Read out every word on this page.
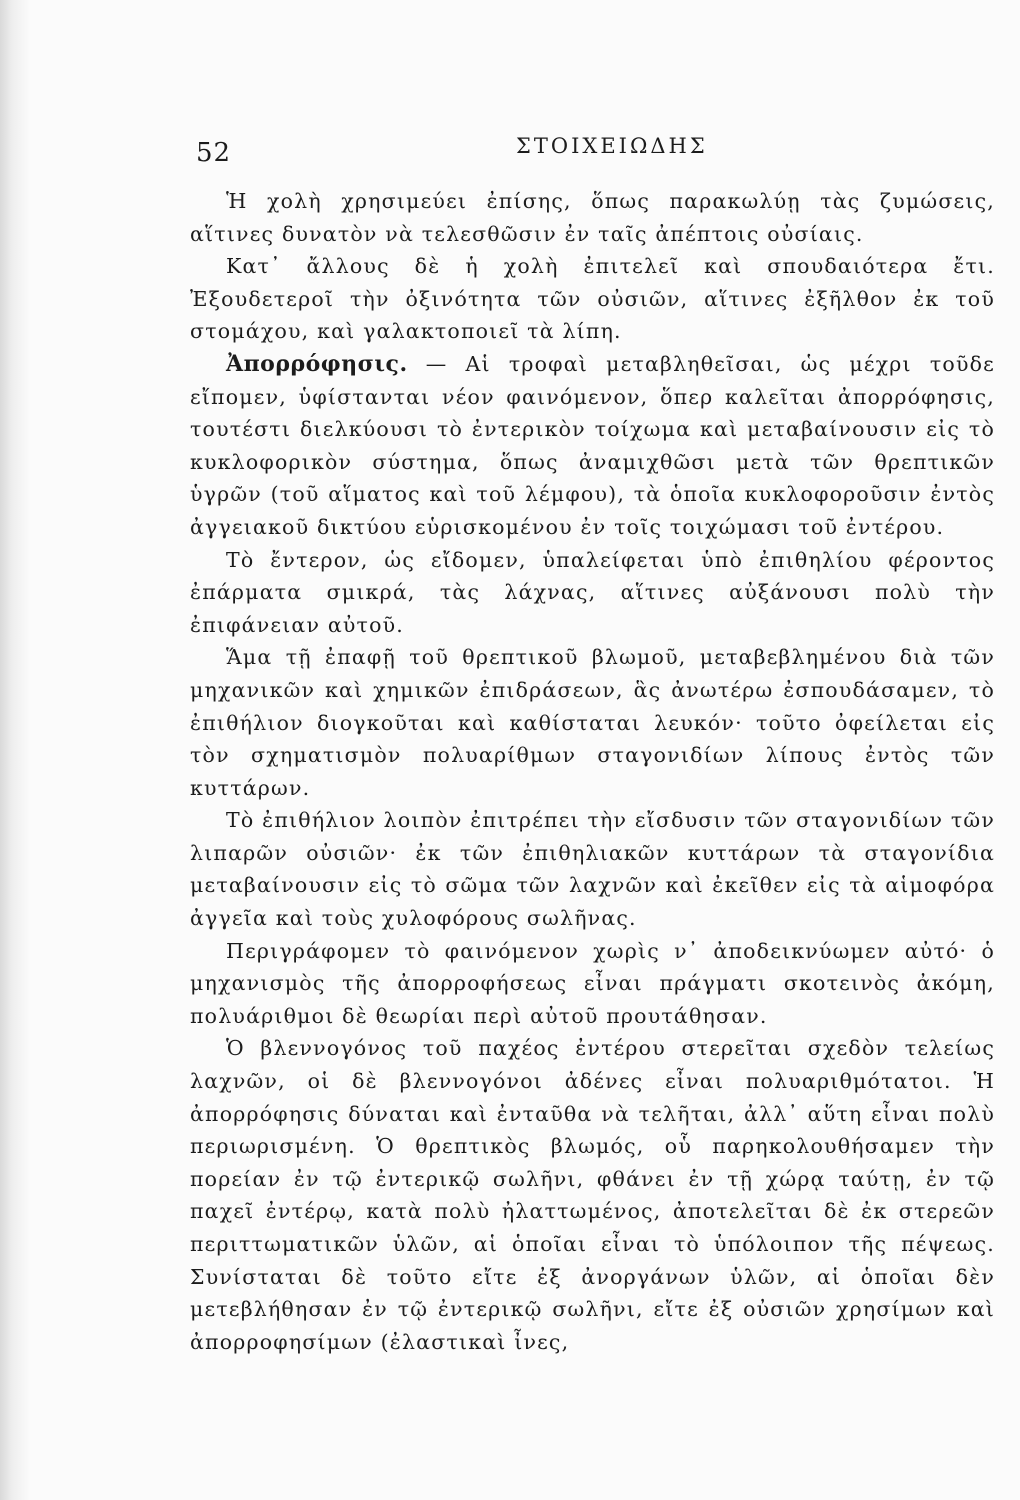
52	ΣΤΟΙΧΕΙΩΔΗΣ

Ἡ χολὴ χρησιμεύει ἐπίσης, ὅπως παρακωλύῃ τὰς ζυμώσεις, αἵτινες δυνατὸν νὰ τελεσθῶσιν ἐν ταῖς ἀπέπτοις οὐσίαις.

Κατ᾽ ἄλλους δὲ ἡ χολὴ ἐπιτελεῖ καὶ σπουδαιότερα ἔτι. Ἐξουδετεροῖ τὴν ὀξινότητα τῶν οὐσιῶν, αἵτινες ἐξῆλθον ἐκ τοῦ στομάχου, καὶ γαλακτοποιεῖ τὰ λίπη.

Ἀπορρόφησις. — Αἱ τροφαὶ μεταβληθεῖσαι, ὡς μέχρι τοῦδε εἴπομεν, ὑφίστανται νέον φαινόμενον, ὅπερ καλεῖται ἀπορρόφησις, τουτέστι διελκύουσι τὸ ἐντερικὸν τοίχωμα καὶ μεταβαίνουσιν εἰς τὸ κυκλοφορικὸν σύστημα, ὅπως ἀναμιχθῶσι μετὰ τῶν θρεπτικῶν ὑγρῶν (τοῦ αἵματος καὶ τοῦ λέμφου), τὰ ὁποῖα κυκλοφοροῦσιν ἐντὸς ἀγγειακοῦ δικτύου εὑρισκομένου ἐν τοῖς τοιχώμασι τοῦ ἐντέρου.

Τὸ ἔντερον, ὡς εἴδομεν, ὑπαλείφεται ὑπὸ ἐπιθηλίου φέροντος ἐπάρματα σμικρά, τὰς λάχνας, αἵτινες αὐξάνουσι πολὺ τὴν ἐπιφάνειαν αὐτοῦ.

Ἅμα τῇ ἐπαφῇ τοῦ θρεπτικοῦ βλωμοῦ, μεταβεβλημένου διὰ τῶν μηχανικῶν καὶ χημικῶν ἐπιδράσεων, ἃς ἀνωτέρω ἐσπουδάσαμεν, τὸ ἐπιθήλιον διογκοῦται καὶ καθίσταται λευκόν· τοῦτο ὀφείλεται εἰς τὸν σχηματισμὸν πολυαρίθμων σταγονιδίων λίπους ἐντὸς τῶν κυττάρων.

Τὸ ἐπιθήλιον λοιπὸν ἐπιτρέπει τὴν εἴσδυσιν τῶν σταγονιδίων τῶν λιπαρῶν οὐσιῶν· ἐκ τῶν ἐπιθηλιακῶν κυττάρων τὰ σταγονίδια μεταβαίνουσιν εἰς τὸ σῶμα τῶν λαχνῶν καὶ ἐκεῖθεν εἰς τὰ αἱμοφόρα ἀγγεῖα καὶ τοὺς χυλοφόρους σωλῆνας.

Περιγράφομεν τὸ φαινόμενον χωρὶς ν᾽ ἀποδεικνύωμεν αὐτό· ὁ μηχανισμὸς τῆς ἀπορροφήσεως εἶναι πράγματι σκοτεινὸς ἀκόμη, πολυάριθμοι δὲ θεωρίαι περὶ αὐτοῦ προυτάθησαν.

Ὁ βλεννογόνος τοῦ παχέος ἐντέρου στερεῖται σχεδὸν τελείως λαχνῶν, οἱ δὲ βλεννογόνοι ἀδένες εἶναι πολυαριθμότατοι. Ἡ ἀπορρόφησις δύναται καὶ ἐνταῦθα νὰ τελῆται, ἀλλ᾽ αὕτη εἶναι πολὺ περιωρισμένη. Ὁ θρεπτικὸς βλωμός, οὗ παρηκολουθήσαμεν τὴν πορείαν ἐν τῷ ἐντερικῷ σωλῆνι, φθάνει ἐν τῇ χώρᾳ ταύτῃ, ἐν τῷ παχεῖ ἐντέρῳ, κατὰ πολὺ ἠλαττωμένος, ἀποτελεῖται δὲ ἐκ στερεῶν περιττωματικῶν ὑλῶν, αἱ ὁποῖαι εἶναι τὸ ὑπόλοιπον τῆς πέψεως. Συνίσταται δὲ τοῦτο εἴτε ἐξ ἀνοργάνων ὑλῶν, αἱ ὁποῖαι δὲν μετεβλήθησαν ἐν τῷ ἐντερικῷ σωλῆνι, εἴτε ἐξ οὐσιῶν χρησίμων καὶ ἀπορροφησίμων (ἐλαστικαὶ ἶνες,
